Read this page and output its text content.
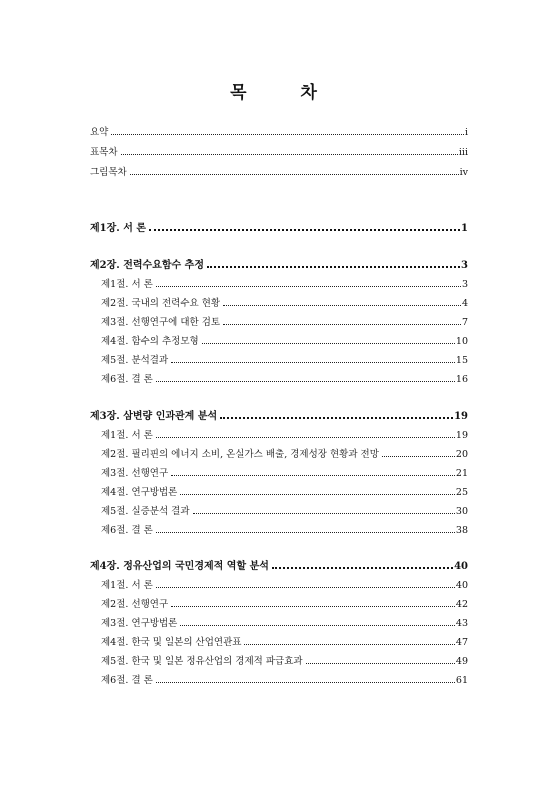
목 차
요약	i
표목차	iii
그림목차	iv
제1장. 서 론	1
제2장. 전력수요함수 추정	3
제1절. 서 론	3
제2절. 국내의 전력수요 현황	4
제3절. 선행연구에 대한 검토	7
제4절. 함수의 추정모형	10
제5절. 분석결과	15
제6절. 결 론	16
제3장. 삼변량 인과관계 분석	19
제1절. 서 론	19
제2절. 필리핀의 에너지 소비, 온실가스 배출, 경제성장 현황과 전망	20
제3절. 선행연구	21
제4절. 연구방법론	25
제5절. 실증분석 결과	30
제6절. 결 론	38
제4장. 정유산업의 국민경제적 역할 분석	40
제1절. 서 론	40
제2절. 선행연구	42
제3절. 연구방법론	43
제4절. 한국 및 일본의 산업연관표	47
제5절. 한국 및 일본 정유산업의 경제적 파급효과	49
제6절. 결 론	61
